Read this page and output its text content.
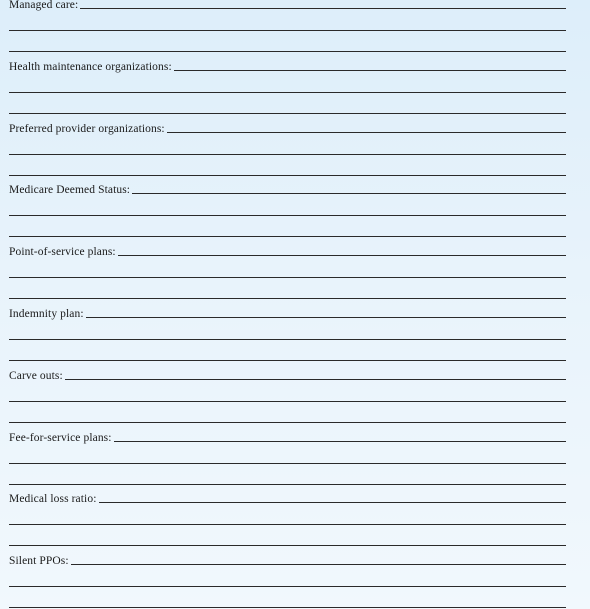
Managed care:
Health maintenance organizations:
Preferred provider organizations:
Medicare Deemed Status:
Point-of-service plans:
Indemnity plan:
Carve outs:
Fee-for-service plans:
Medical loss ratio:
Silent PPOs:
